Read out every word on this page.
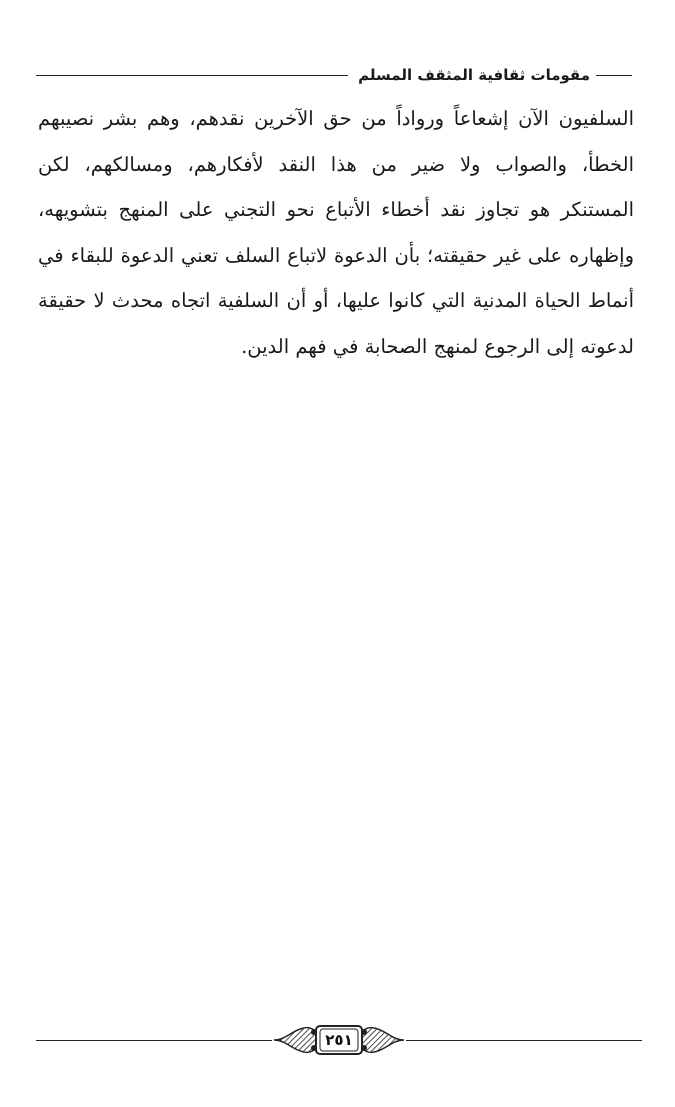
مقومات ثقافية المثقف المسلم

السلفيون الآن إشعاعاً ورواداً من حق الآخرين نقدهم، وهم بشر نصيبهم الخطأ، والصواب ولا ضير من هذا النقد لأفكارهم، ومسالكهم، لكن المستنكر هو تجاوز نقد أخطاء الأتباع نحو التجني على المنهج بتشويهه، وإظهاره على غير حقيقته؛ بأن الدعوة لاتباع السلف تعني الدعوة للبقاء في أنماط الحياة المدنية التي كانوا عليها، أو أن السلفية اتجاه محدث لا حقيقة لدعوته إلى الرجوع لمنهج الصحابة في فهم الدين.

٢٥١
